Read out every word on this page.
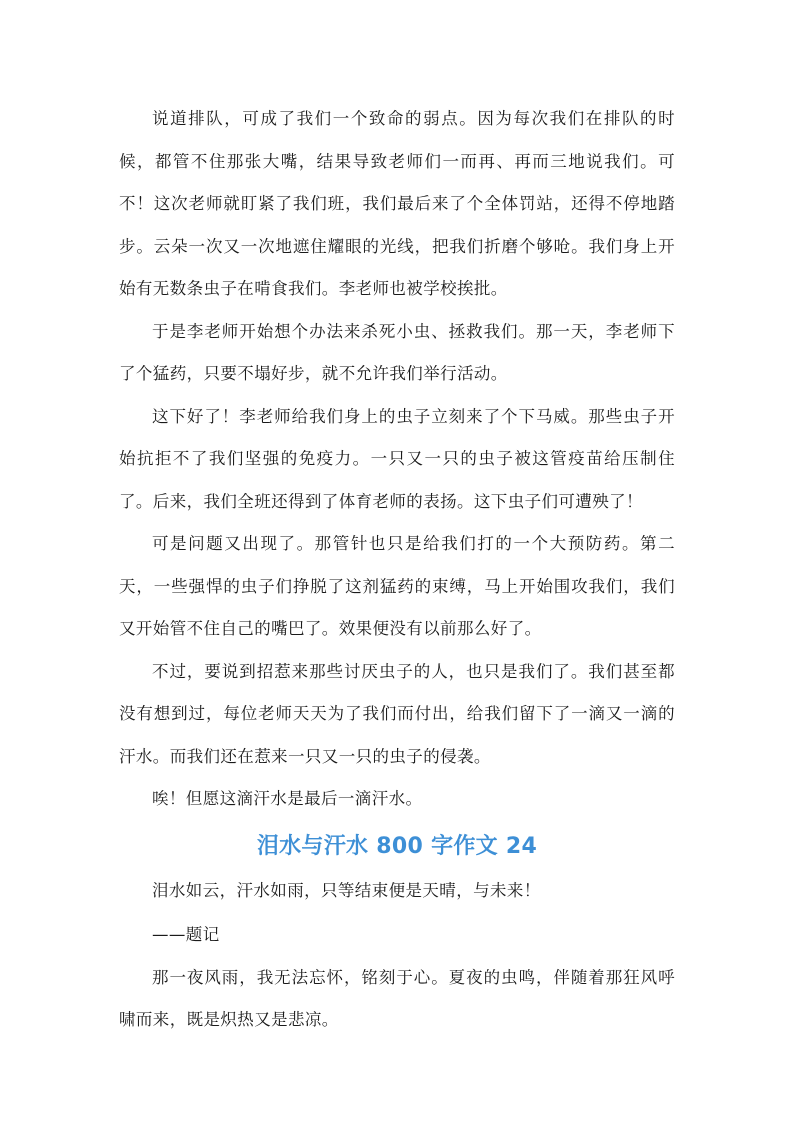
说道排队，可成了我们一个致命的弱点。因为每次我们在排队的时候，都管不住那张大嘴，结果导致老师们一而再、再而三地说我们。可不！这次老师就盯紧了我们班，我们最后来了个全体罚站，还得不停地踏步。云朵一次又一次地遮住耀眼的光线，把我们折磨个够呛。我们身上开始有无数条虫子在啃食我们。李老师也被学校挨批。

于是李老师开始想个办法来杀死小虫、拯救我们。那一天，李老师下了个猛药，只要不塌好步，就不允许我们举行活动。

这下好了！李老师给我们身上的虫子立刻来了个下马威。那些虫子开始抗拒不了我们坚强的免疫力。一只又一只的虫子被这管疫苗给压制住了。后来，我们全班还得到了体育老师的表扬。这下虫子们可遭殃了！

可是问题又出现了。那管针也只是给我们打的一个大预防药。第二天，一些强悍的虫子们挣脱了这剂猛药的束缚，马上开始围攻我们，我们又开始管不住自己的嘴巴了。效果便没有以前那么好了。

不过，要说到招惹来那些讨厌虫子的人，也只是我们了。我们甚至都没有想到过，每位老师天天为了我们而付出，给我们留下了一滴又一滴的汗水。而我们还在惹来一只又一只的虫子的侵袭。

唉！但愿这滴汗水是最后一滴汗水。

泪水与汗水 800 字作文 24

泪水如云，汗水如雨，只等结束便是天晴，与未来！

——题记

那一夜风雨，我无法忘怀，铭刻于心。夏夜的虫鸣，伴随着那狂风呼啸而来，既是炽热又是悲凉。
